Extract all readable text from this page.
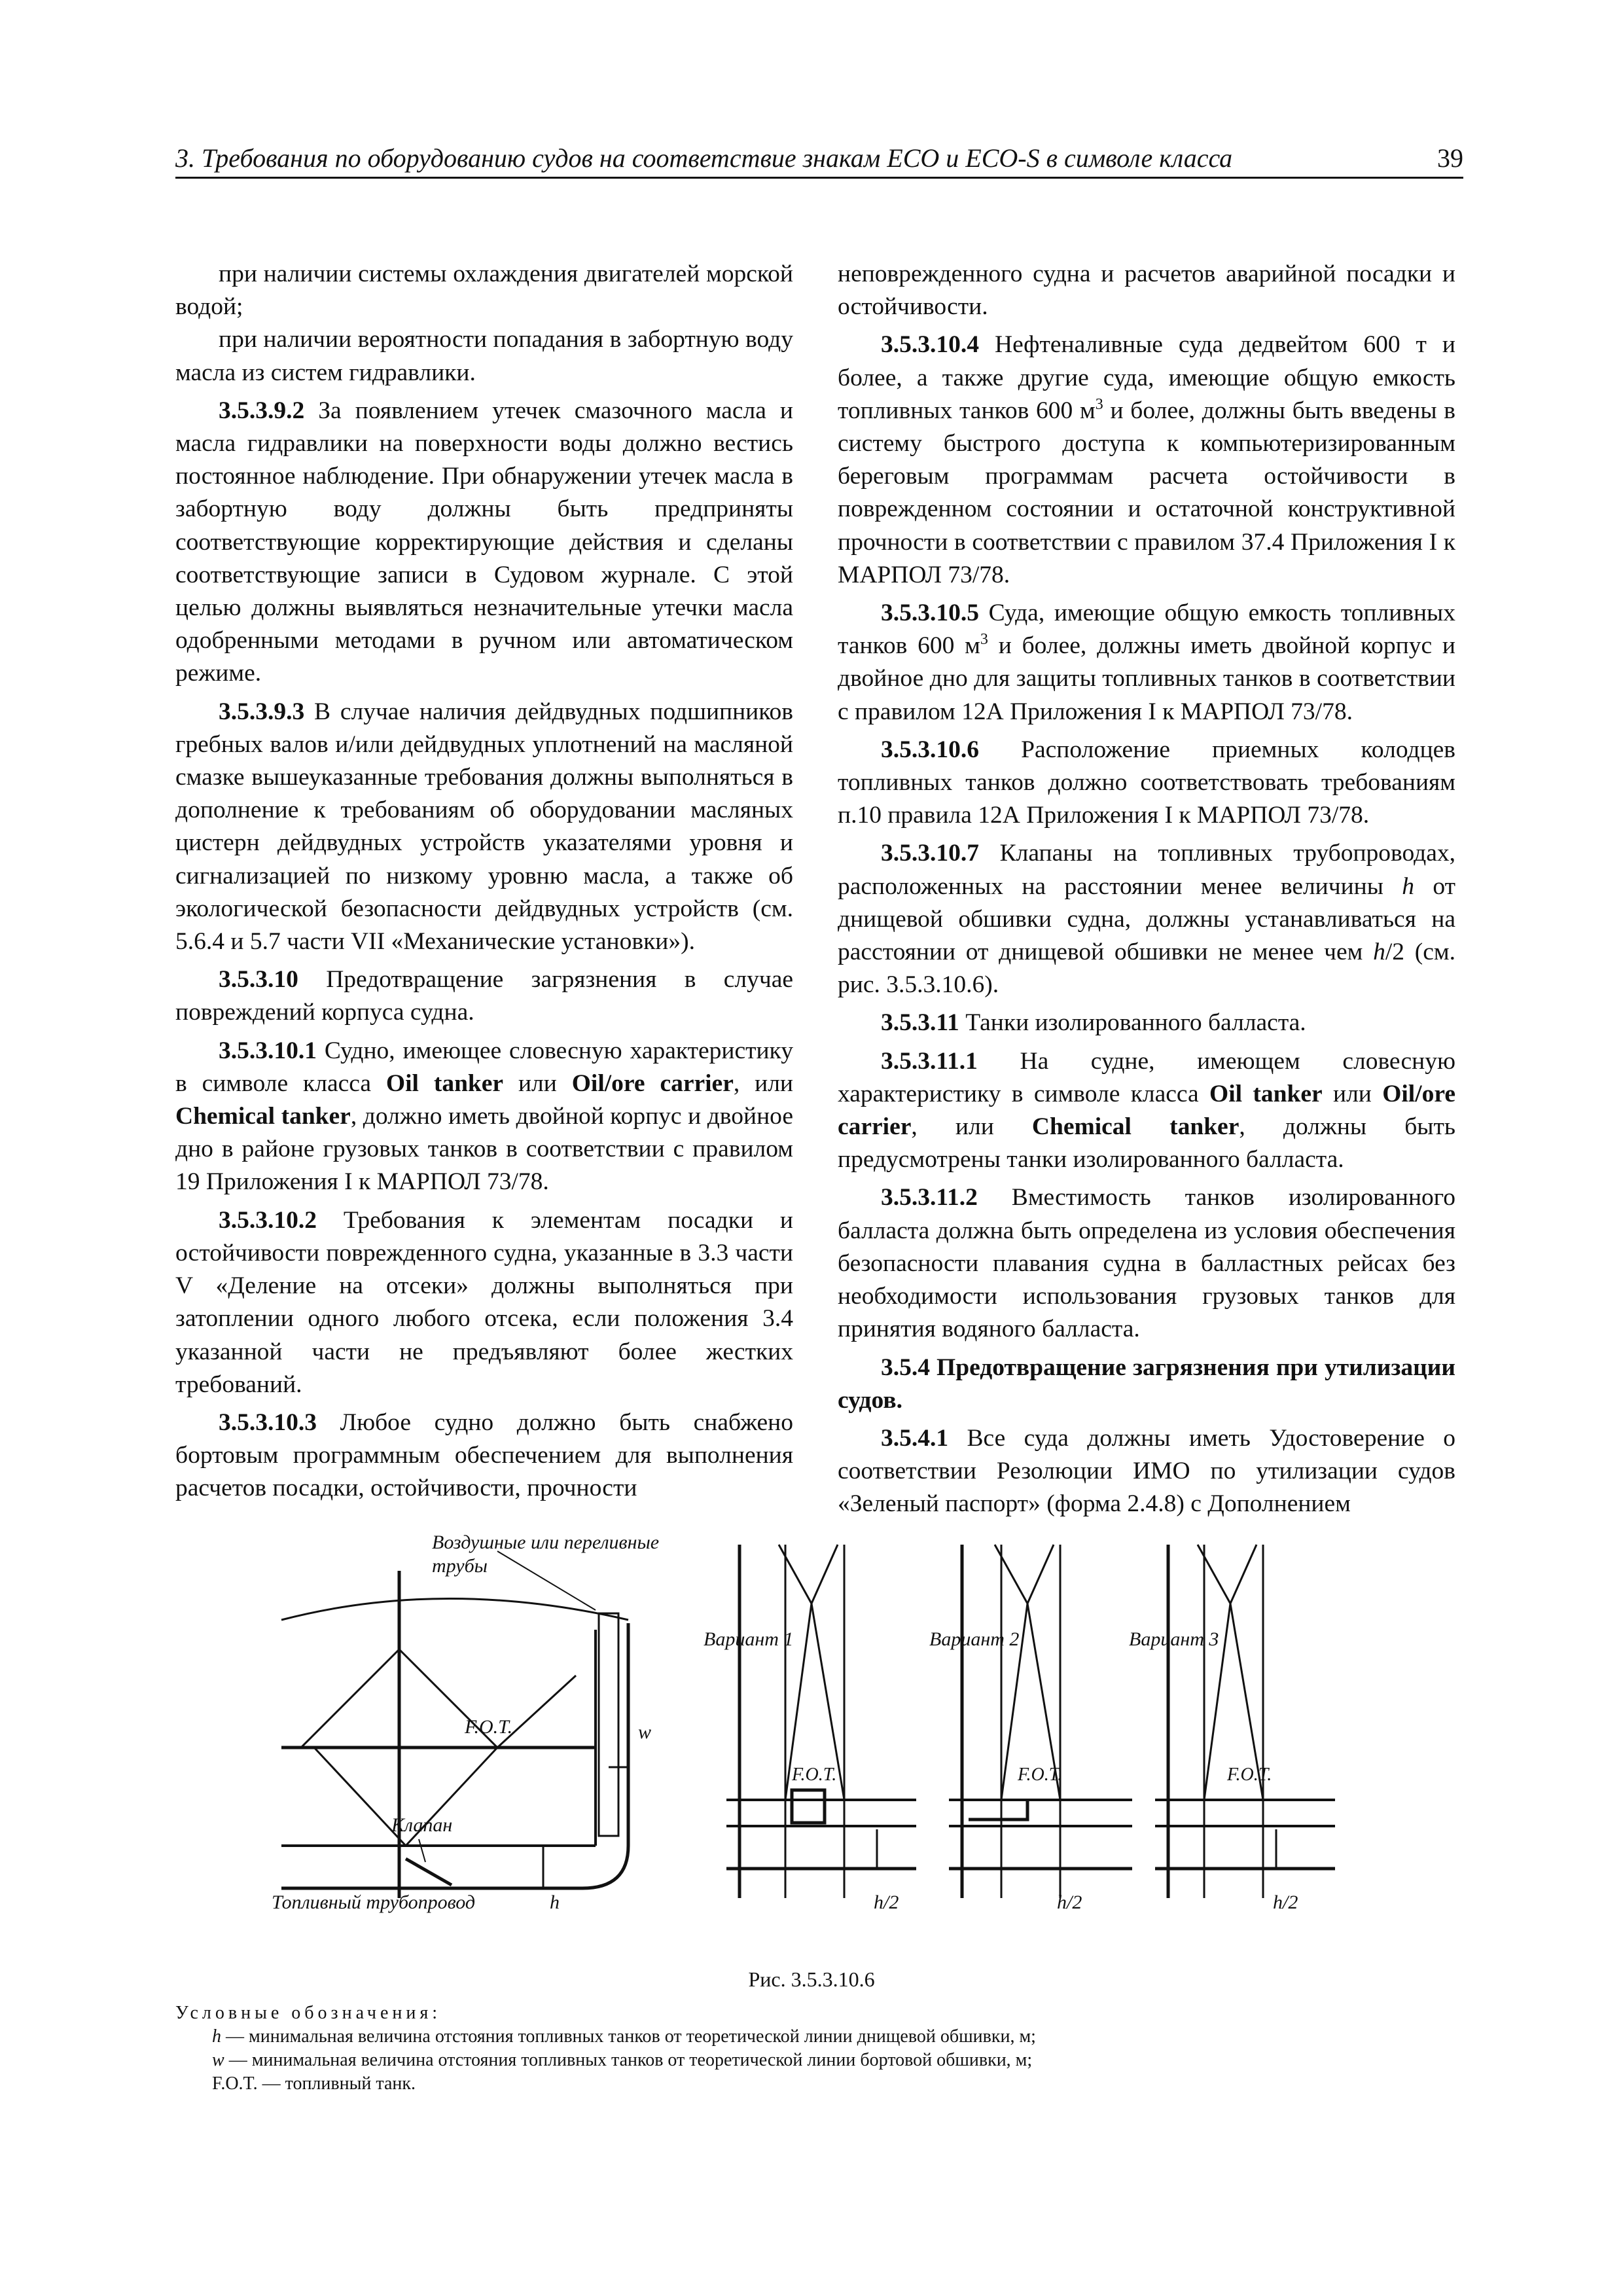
3. Требования по оборудованию судов на соответствие знакам ECO и ECO-S в символе класса	39

при наличии системы охлаждения двигателей морской водой;

при наличии вероятности попадания в забортную воду масла из систем гидравлики.

3.5.3.9.2 За появлением утечек смазочного масла и масла гидравлики на поверхности воды должно вестись постоянное наблюдение. При обнаружении утечек масла в забортную воду должны быть предприняты соответствующие корректирующие действия и сделаны соответствующие записи в Судовом журнале. С этой целью должны выявляться незначительные утечки масла одобренными методами в ручном или автоматическом режиме.

3.5.3.9.3 В случае наличия дейдвудных подшипников гребных валов и/или дейдвудных уплотнений на масляной смазке вышеуказанные требования должны выполняться в дополнение к требованиям об оборудовании масляных цистерн дейдвудных устройств указателями уровня и сигнализацией по низкому уровню масла, а также об экологической безопасности дейдвудных устройств (см. 5.6.4 и 5.7 части VII «Механические установки»).

3.5.3.10 Предотвращение загрязнения в случае повреждений корпуса судна.

3.5.3.10.1 Судно, имеющее словесную характеристику в символе класса Oil tanker или Oil/ore carrier, или Chemical tanker, должно иметь двойной корпус и двойное дно в районе грузовых танков в соответствии с правилом 19 Приложения I к МАРПОЛ 73/78.

3.5.3.10.2 Требования к элементам посадки и остойчивости поврежденного судна, указанные в 3.3 части V «Деление на отсеки» должны выполняться при затоплении одного любого отсека, если положения 3.4 указанной части не предъявляют более жестких требований.

3.5.3.10.3 Любое судно должно быть снабжено бортовым программным обеспечением для выполнения расчетов посадки, остойчивости, прочности

неповрежденного судна и расчетов аварийной посадки и остойчивости.

3.5.3.10.4 Нефтеналивные суда дедвейтом 600 т и более, а также другие суда, имеющие общую емкость топливных танков 600 $м^3$ и более, должны быть введены в систему быстрого доступа к компьютеризированным береговым программам расчета остойчивости в поврежденном состоянии и остаточной конструктивной прочности в соответствии с правилом 37.4 Приложения I к МАРПОЛ 73/78.

3.5.3.10.5 Суда, имеющие общую емкость топливных танков 600 $м^3$ и более, должны иметь двойной корпус и двойное дно для защиты топливных танков в соответствии с правилом 12А Приложения I к МАРПОЛ 73/78.

3.5.3.10.6 Расположение приемных колодцев топливных танков должно соответствовать требованиям п.10 правила 12А Приложения I к МАРПОЛ 73/78.

3.5.3.10.7 Клапаны на топливных трубопроводах, расположенных на расстоянии менее величины h от днищевой обшивки судна, должны устанавливаться на расстоянии от днищевой обшивки не менее чем h/2 (см. рис. 3.5.3.10.6).

3.5.3.11 Танки изолированного балласта.

3.5.3.11.1 На судне, имеющем словесную характеристику в символе класса Oil tanker или Oil/ore carrier, или Chemical tanker, должны быть предусмотрены танки изолированного балласта.

3.5.3.11.2 Вместимость танков изолированного балласта должна быть определена из условия обеспечения безопасности плавания судна в балластных рейсах без необходимости использования грузовых танков для принятия водяного балласта.

3.5.4 Предотвращение загрязнения при утилизации судов.

3.5.4.1 Все суда должны иметь Удостоверение о соответствии Резолюции ИМО по утилизации судов «Зеленый паспорт» (форма 2.4.8) с Дополнением

Воздушные или переливные
трубы
F.O.T.	w
Клапан
Топливный трубопровод	h
Вариант 1	Вариант 2	Вариант 3
F.O.T.	F.O.T.	F.O.T.
h/2	h/2	h/2
Рис. 3.5.3.10.6
Условные обозначения:
h — минимальная величина отстояния топливных танков от теоретической линии днищевой обшивки, м;
w — минимальная величина отстояния топливных танков от теоретической линии бортовой обшивки, м;
F.O.T. — топливный танк.
